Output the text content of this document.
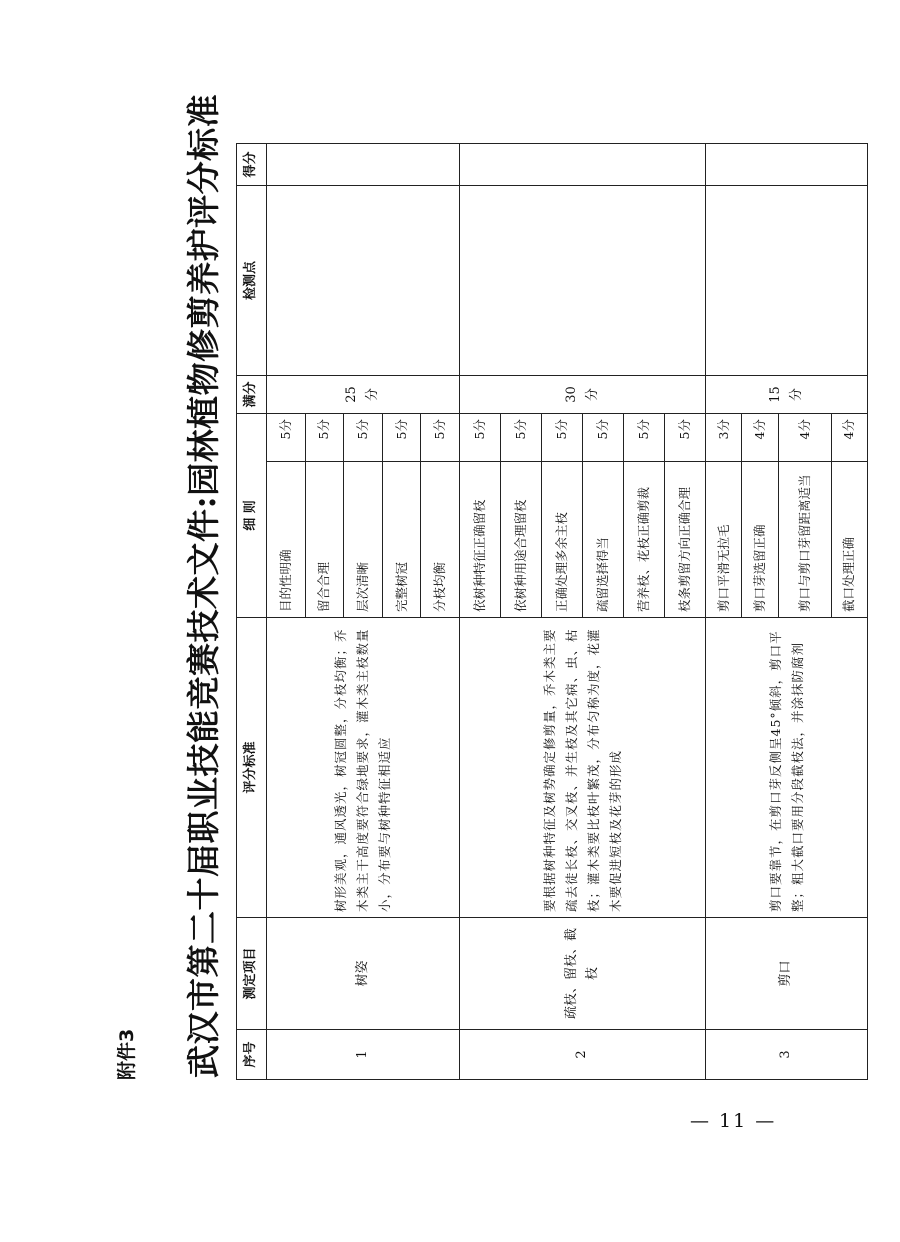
附件3 武汉市第二十届职业技能竞赛技术文件:园林植物修剪养护评分标准 序号	测定项目	评分标准	细 则		满分	检测点	得分
1	树姿	树形美观，通风透光，树冠圆整，分枝均衡；乔木类主干高度要符合绿地要求，灌木类主枝数量小，分布要与树种特征相适应	目的性明确	5分	25分		
			留合合理	5分			
			层次清晰	5分			
			完整树冠	5分			
			分枝均衡	5分			
2	疏枝、留枝、截枝	要根据树种特征及树势确定修剪量，乔木类主要疏去徒长枝、交叉枝、并生枝及其它病、虫、枯枝；灌木类要比枝叶繁茂，分布匀称为度，花灌木要促进短枝及花芽的形成	依树种特征正确留枝	5分	30分		
			依树种用途合理留枝	5分			
			正确处理多余主枝	5分			
			疏留选择得当	5分			
			营养枝、花枝正确剪裁	5分			
			枝条剪留方向正确合理	5分			
3	剪口	剪口要靠节，在剪口芽反侧呈45°倾斜，剪口平整；粗大截口要用分段截枝法，并涂抹防腐剂	剪口平滑无拉毛	3分	15分		
			剪口芽选留正确	4分			
			剪口与剪口芽留距离适当	4分			
			截口处理正确	4分			
— 11 —
